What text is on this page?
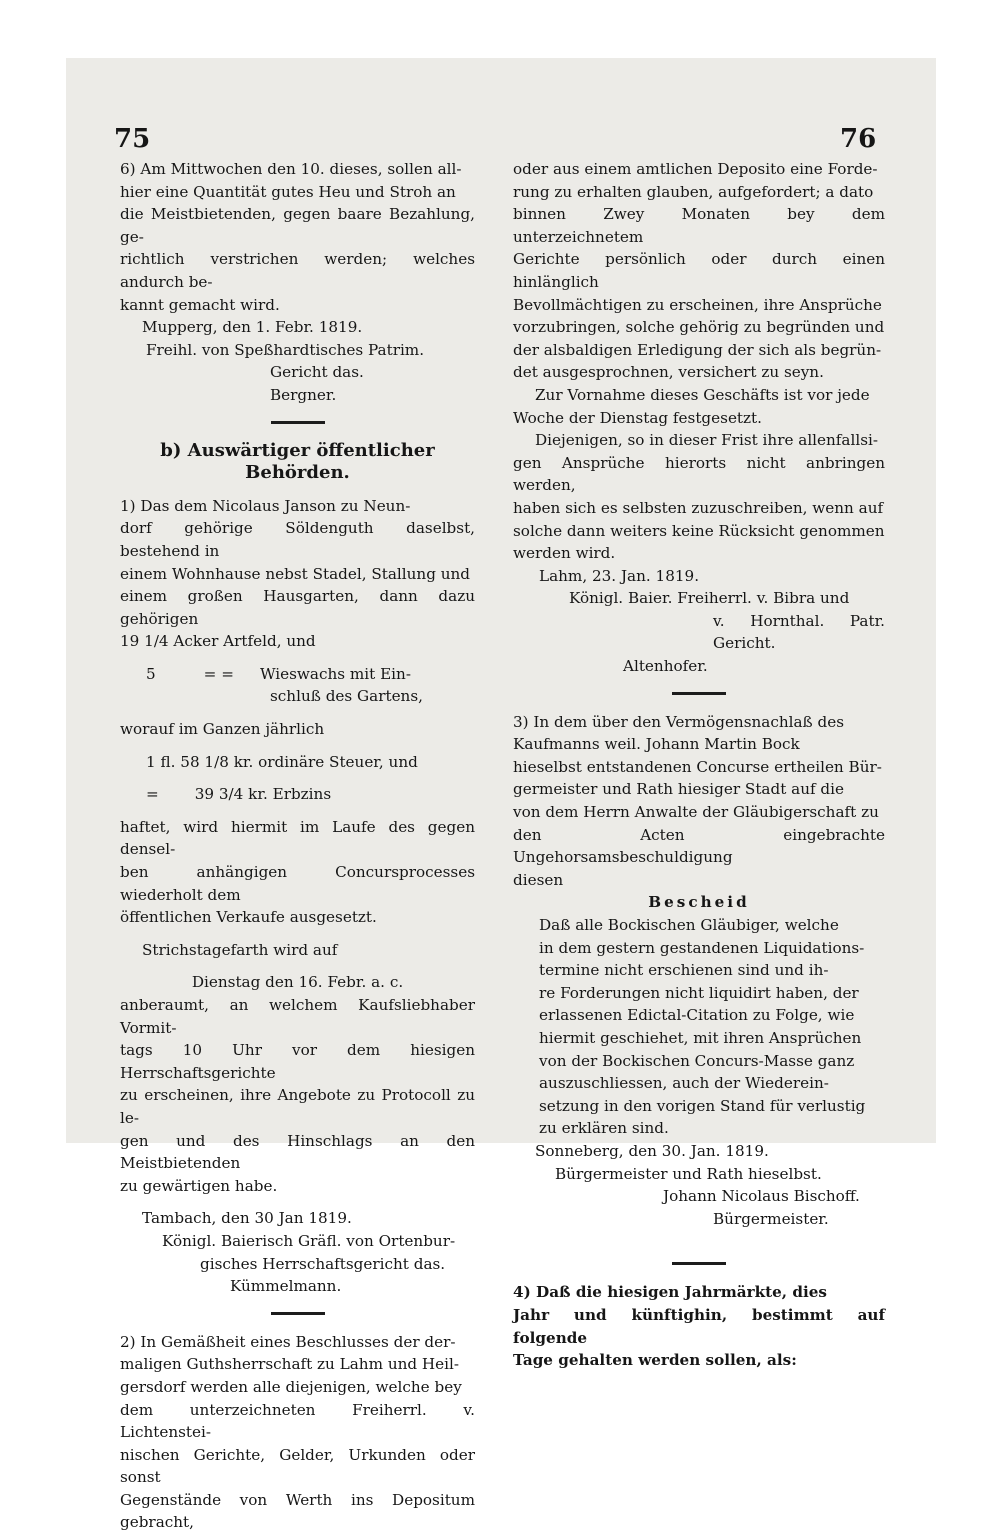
75	76
6) Am Mittwochen den 10. dieses, sollen all-
hier eine Quantität gutes Heu und Stroh an
die Meistbietenden, gegen baare Bezahlung, ge-
richtlich verstrichen werden; welches andurch be-
kannt gemacht wird.
Mupperg, den 1. Febr. 1819.
Freihl. von Speßhardtisches Patrim.
Gericht das.
Bergner.
b) Auswärtiger öffentlicher Behörden.
1) Das dem Nicolaus Janson zu Neun-
dorf gehörige Söldenguth daselbst, bestehend in
einem Wohnhause nebst Stadel, Stallung und
einem großen Hausgarten, dann dazu gehörigen
19 1/4 Acker Artfeld, und
5	= =	Wieswachs mit Ein-
schluß des Gartens,
worauf im Ganzen jährlich
1 fl. 58 1/8 kr. ordinäre Steuer, und
=	39 3/4 kr. Erbzins
haftet, wird hiermit im Laufe des gegen densel-
ben anhängigen Concursprocesses wiederholt dem
öffentlichen Verkaufe ausgesetzt.
Strichstagefarth wird auf
Dienstag den 16. Febr. a. c.
anberaumt, an welchem Kaufsliebhaber Vormit-
tags 10 Uhr vor dem hiesigen Herrschaftsgerichte
zu erscheinen, ihre Angebote zu Protocoll zu le-
gen und des Hinschlags an den Meistbietenden
zu gewärtigen habe.
Tambach, den 30 Jan 1819.
Königl. Baierisch Gräfl. von Ortenbur-
gisches Herrschaftsgericht das.
Kümmelmann.
2) In Gemäßheit eines Beschlusses der der-
maligen Guthsherrschaft zu Lahm und Heil-
gersdorf werden alle diejenigen, welche bey
dem unterzeichneten Freiherrl. v. Lichtenstei-
nischen Gerichte, Gelder, Urkunden oder sonst
Gegenstände von Werth ins Depositum gebracht,
oder aus einem amtlichen Deposito eine Forde-
rung zu erhalten glauben, aufgefordert; a dato
binnen Zwey Monaten bey dem unterzeichnetem
Gerichte persönlich oder durch einen hinlänglich
Bevollmächtigen zu erscheinen, ihre Ansprüche
vorzubringen, solche gehörig zu begründen und
der alsbaldigen Erledigung der sich als begrün-
det ausgesprochnen, versichert zu seyn.
Zur Vornahme dieses Geschäfts ist vor jede
Woche der Dienstag festgesetzt.
Diejenigen, so in dieser Frist ihre allenfallsi-
gen Ansprüche hierorts nicht anbringen werden,
haben sich es selbsten zuzuschreiben, wenn auf
solche dann weiters keine Rücksicht genommen
werden wird.
Lahm, 23. Jan. 1819.
Königl. Baier. Freiherrl. v. Bibra und
v. Hornthal. Patr. Gericht.
Altenhofer.
3) In dem über den Vermögensnachlaß des
Kaufmanns weil. Johann Martin Bock
hieselbst entstandenen Concurse ertheilen Bür-
germeister und Rath hiesiger Stadt auf die
von dem Herrn Anwalte der Gläubigerschaft zu
den Acten eingebrachte Ungehorsamsbeschuldigung
diesen
Bescheid
Daß alle Bockischen Gläubiger, welche
in dem gestern gestandenen Liquidations-
termine nicht erschienen sind und ih-
re Forderungen nicht liquidirt haben, der
erlassenen Edictal-Citation zu Folge, wie
hiermit geschiehet, mit ihren Ansprüchen
von der Bockischen Concurs-Masse ganz
auszuschliessen, auch der Wiederein-
setzung in den vorigen Stand für verlustig
zu erklären sind.
Sonneberg, den 30. Jan. 1819.
Bürgermeister und Rath hieselbst.
Johann Nicolaus Bischoff.
Bürgermeister.
4) Daß die hiesigen Jahrmärkte, dies
Jahr und künftighin, bestimmt auf folgende
Tage gehalten werden sollen, als:
